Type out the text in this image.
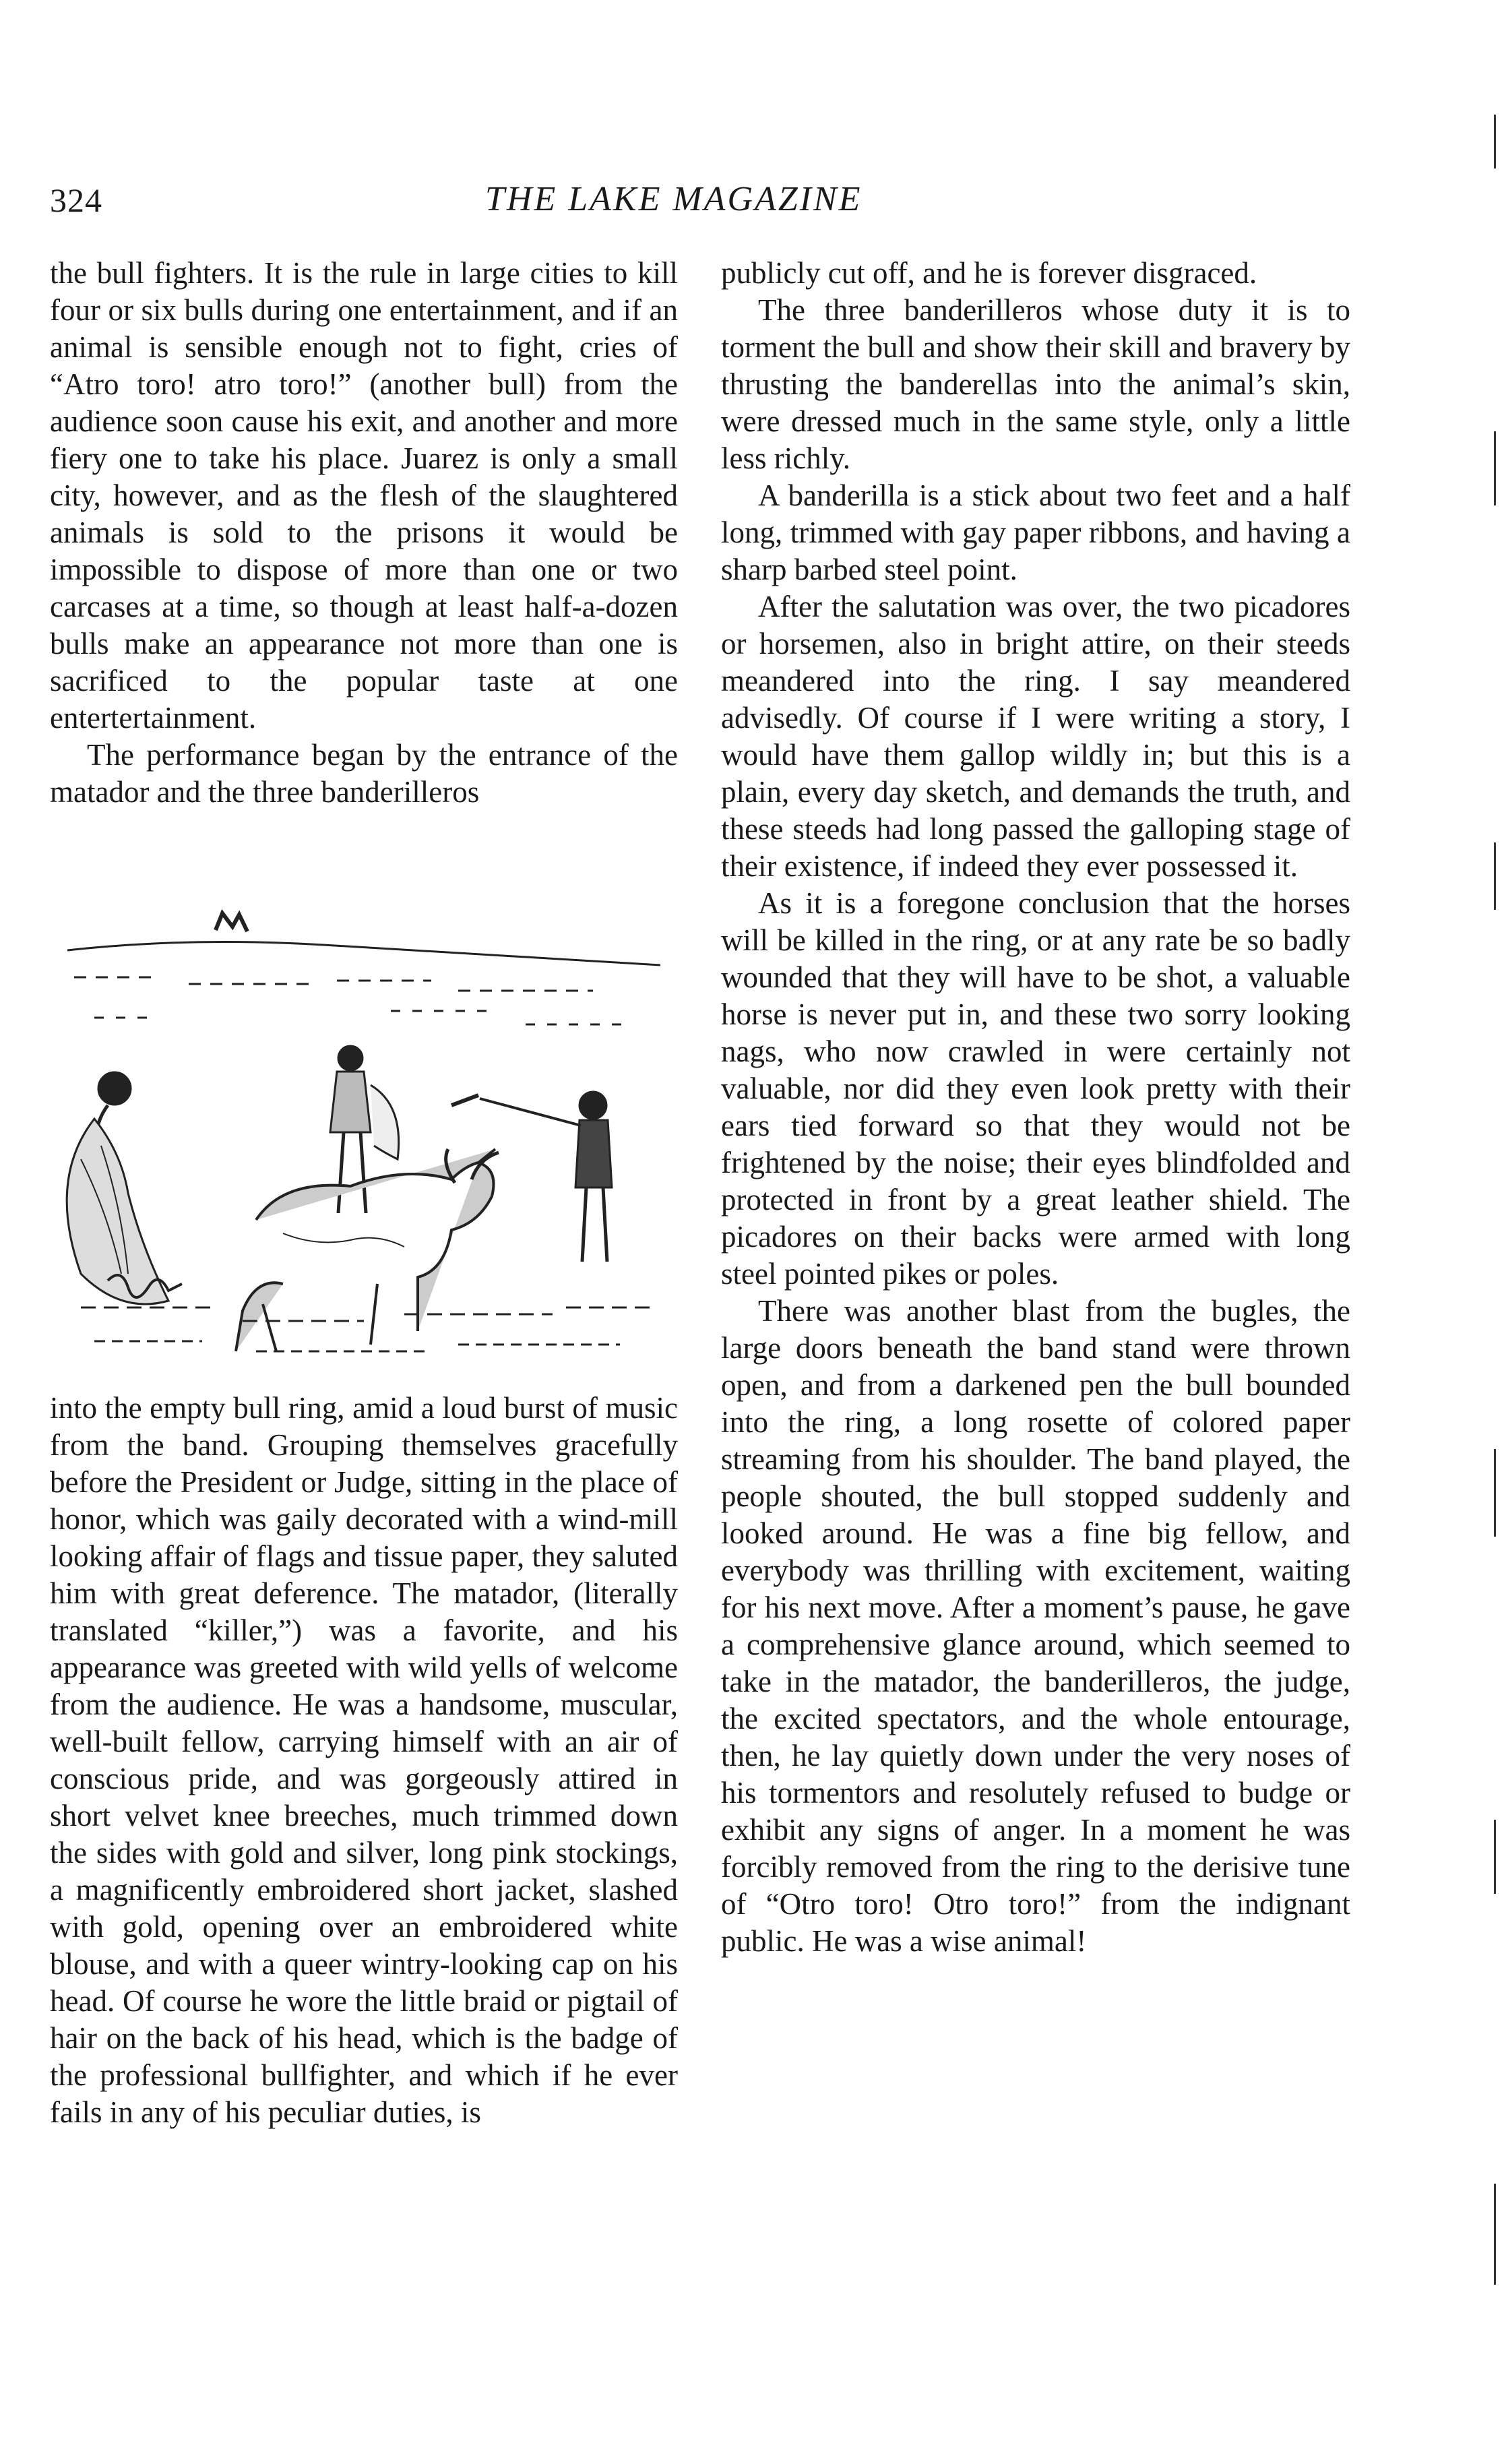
324	THE LAKE MAGAZINE

the bull fighters. It is the rule in large cities to kill four or six bulls during one entertainment, and if an animal is sensible enough not to fight, cries of “Atro toro! atro toro!” (another bull) from the audience soon cause his exit, and another and more fiery one to take his place. Juarez is only a small city, however, and as the flesh of the slaughtered animals is sold to the prisons it would be impossible to dispose of more than one or two carcases at a time, so though at least half-a-dozen bulls make an appearance not more than one is sacrificed to the popular taste at one entertertainment.

The performance began by the entrance of the matador and the three banderilleros

into the empty bull ring, amid a loud burst of music from the band. Grouping themselves gracefully before the President or Judge, sitting in the place of honor, which was gaily decorated with a wind-mill looking affair of flags and tissue paper, they saluted him with great deference. The matador, (literally translated “killer,”) was a favorite, and his appearance was greeted with wild yells of welcome from the audience. He was a handsome, muscular, well-built fellow, carrying himself with an air of conscious pride, and was gorgeously attired in short velvet knee breeches, much trimmed down the sides with gold and silver, long pink stockings, a magnificently embroidered short jacket, slashed with gold, opening over an embroidered white blouse, and with a queer wintry-looking cap on his head. Of course he wore the little braid or pigtail of hair on the back of his head, which is the badge of the professional bullfighter, and which if he ever fails in any of his peculiar duties, is

publicly cut off, and he is forever disgraced.

The three banderilleros whose duty it is to torment the bull and show their skill and bravery by thrusting the banderellas into the animal’s skin, were dressed much in the same style, only a little less richly.

A banderilla is a stick about two feet and a half long, trimmed with gay paper ribbons, and having a sharp barbed steel point.

After the salutation was over, the two picadores or horsemen, also in bright attire, on their steeds meandered into the ring. I say meandered advisedly. Of course if I were writing a story, I would have them gallop wildly in; but this is a plain, every day sketch, and demands the truth, and these steeds had long passed the galloping stage of their existence, if indeed they ever possessed it.

As it is a foregone conclusion that the horses will be killed in the ring, or at any rate be so badly wounded that they will have to be shot, a valuable horse is never put in, and these two sorry looking nags, who now crawled in were certainly not valuable, nor did they even look pretty with their ears tied forward so that they would not be frightened by the noise; their eyes blindfolded and protected in front by a great leather shield. The picadores on their backs were armed with long steel pointed pikes or poles.

There was another blast from the bugles, the large doors beneath the band stand were thrown open, and from a darkened pen the bull bounded into the ring, a long rosette of colored paper streaming from his shoulder. The band played, the people shouted, the bull stopped suddenly and looked around. He was a fine big fellow, and everybody was thrilling with excitement, waiting for his next move. After a moment’s pause, he gave a comprehensive glance around, which seemed to take in the matador, the banderilleros, the judge, the excited spectators, and the whole entourage, then, he lay quietly down under the very noses of his tormentors and resolutely refused to budge or exhibit any signs of anger. In a moment he was forcibly removed from the ring to the derisive tune of “Otro toro! Otro toro!” from the indignant public. He was a wise animal!
